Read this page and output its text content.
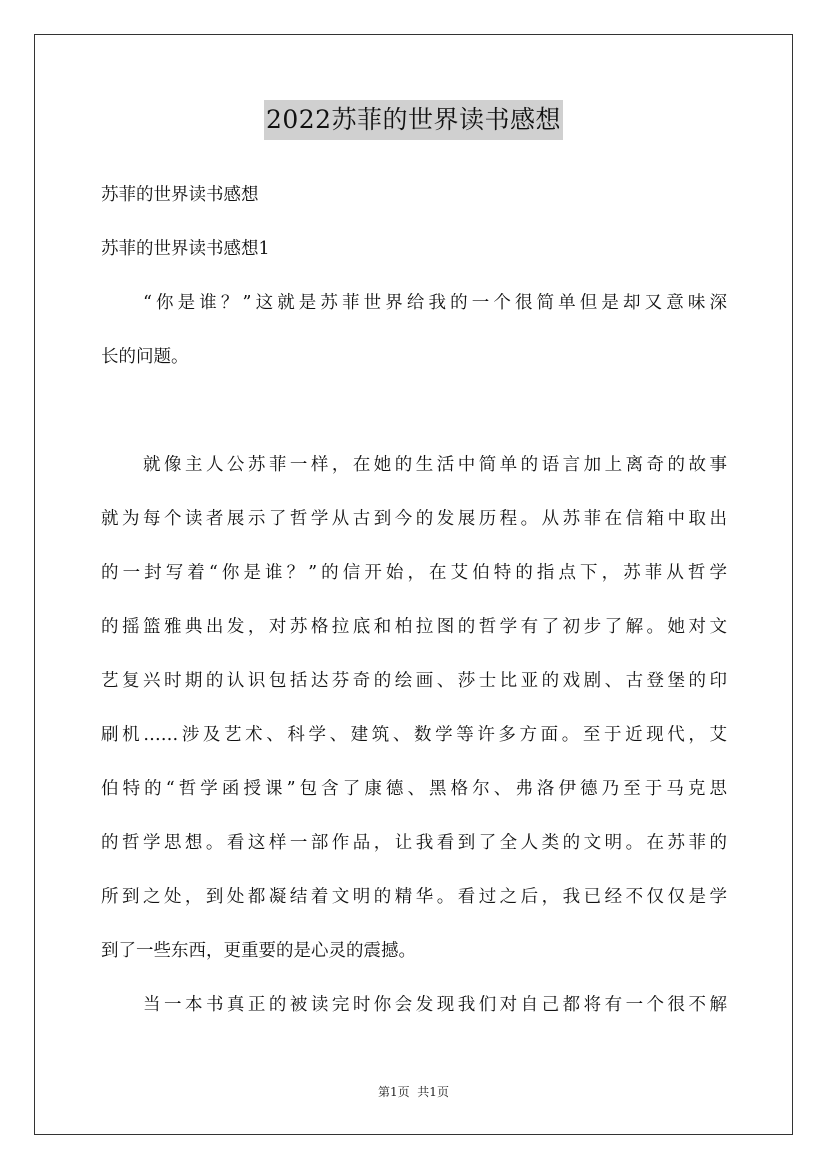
2022苏菲的世界读书感想
苏菲的世界读书感想
苏菲的世界读书感想1
“你是谁？”这就是苏菲世界给我的一个很简单但是却又意味深
长的问题。
就像主人公苏菲一样，在她的生活中简单的语言加上离奇的故事
就为每个读者展示了哲学从古到今的发展历程。从苏菲在信箱中取出
的一封写着“你是谁？”的信开始，在艾伯特的指点下，苏菲从哲学
的摇篮雅典出发，对苏格拉底和柏拉图的哲学有了初步了解。她对文
艺复兴时期的认识包括达芬奇的绘画、莎士比亚的戏剧、古登堡的印
刷机……涉及艺术、科学、建筑、数学等许多方面。至于近现代，艾
伯特的“哲学函授课”包含了康德、黑格尔、弗洛伊德乃至于马克思
的哲学思想。看这样一部作品，让我看到了全人类的文明。在苏菲的
所到之处，到处都凝结着文明的精华。看过之后，我已经不仅仅是学
到了一些东西，更重要的是心灵的震撼。
当一本书真正的被读完时你会发现我们对自己都将有一个很不解
第1页  共1页
